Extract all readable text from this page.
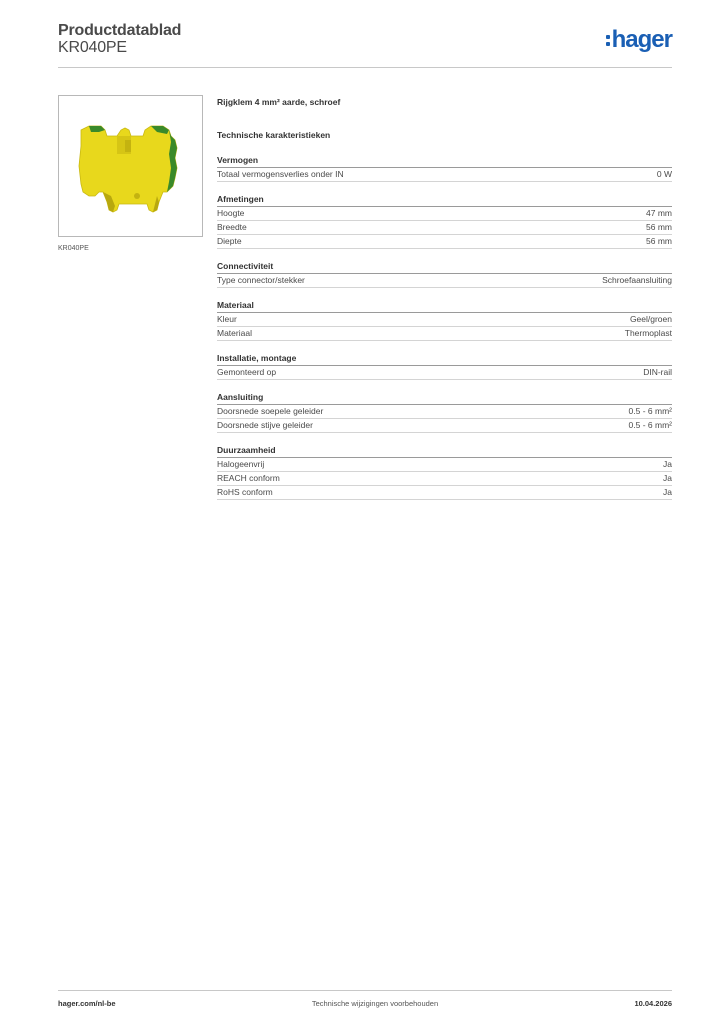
Productdatablad
KR040PE	hager
KR040PE
Rijgklem 4 mm² aarde, schroef
Technische karakteristieken
Vermogen
Totaal vermogensverlies onder IN	0 W
Afmetingen
Hoogte	47 mm
Breedte	56 mm
Diepte	56 mm
Connectiviteit
Type connector/stekker	Schroefaansluiting
Materiaal
Kleur	Geel/groen
Materiaal	Thermoplast
Installatie, montage
Gemonteerd op	DIN-rail
Aansluiting
Doorsnede soepele geleider	0.5 - 6 mm²
Doorsnede stijve geleider	0.5 - 6 mm²
Duurzaamheid
Halogeenvrij	Ja
REACH conform	Ja
RoHS conform	Ja
hager.com/nl-be	Technische wijzigingen voorbehouden	10.04.2026
